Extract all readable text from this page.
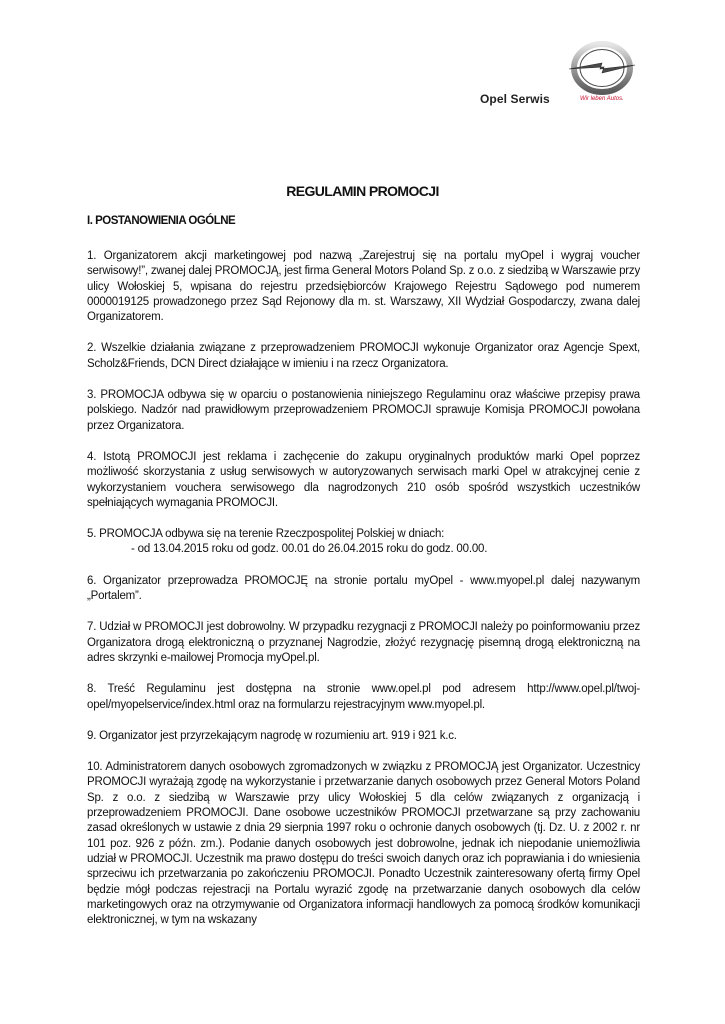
Opel Serwis	Wir leben Autos.
REGULAMIN PROMOCJI
I. POSTANOWIENIA OGÓLNE

1. Organizatorem akcji marketingowej pod nazwą „Zarejestruj się na portalu myOpel i wygraj voucher serwisowy!”, zwanej dalej PROMOCJĄ, jest firma General Motors Poland Sp. z o.o. z siedzibą w Warszawie przy ulicy Wołoskiej 5, wpisana do rejestru przedsiębiorców Krajowego Rejestru Sądowego pod numerem 0000019125 prowadzonego przez Sąd Rejonowy dla m. st. Warszawy, XII Wydział Gospodarczy, zwana dalej Organizatorem.

2. Wszelkie działania związane z przeprowadzeniem PROMOCJI wykonuje Organizator oraz Agencje Spext, Scholz&Friends, DCN Direct działające w imieniu i na rzecz Organizatora.

3. PROMOCJA odbywa się w oparciu o postanowienia niniejszego Regulaminu oraz właściwe przepisy prawa polskiego. Nadzór nad prawidłowym przeprowadzeniem PROMOCJI sprawuje Komisja PROMOCJI powołana przez Organizatora.

4. Istotą PROMOCJI jest reklama i zachęcenie do zakupu oryginalnych produktów marki Opel poprzez możliwość skorzystania z usług serwisowych w autoryzowanych serwisach marki Opel w atrakcyjnej cenie z wykorzystaniem vouchera serwisowego dla nagrodzonych 210 osób spośród wszystkich uczestników spełniających wymagania PROMOCJI.

5. PROMOCJA odbywa się na terenie Rzeczpospolitej Polskiej w dniach:
- od 13.04.2015 roku od godz. 00.01 do 26.04.2015 roku do godz. 00.00.

6. Organizator przeprowadza PROMOCJĘ na stronie portalu myOpel - www.myopel.pl dalej nazywanym „Portalem”.

7. Udział w PROMOCJI jest dobrowolny. W przypadku rezygnacji z PROMOCJI należy po poinformowaniu przez Organizatora drogą elektroniczną o przyznanej Nagrodzie, złożyć rezygnację pisemną drogą elektroniczną na adres skrzynki e-mailowej Promocja myOpel.pl.

8. Treść Regulaminu jest dostępna na stronie www.opel.pl pod adresem http://www.opel.pl/twoj-opel/myopelservice/index.html oraz na formularzu rejestracyjnym www.myopel.pl.

9. Organizator jest przyrzekającym nagrodę w rozumieniu art. 919 i 921 k.c.

10. Administratorem danych osobowych zgromadzonych w związku z PROMOCJĄ jest Organizator. Uczestnicy PROMOCJI wyrażają zgodę na wykorzystanie i przetwarzanie danych osobowych przez General Motors Poland Sp. z o.o. z siedzibą w Warszawie przy ulicy Wołoskiej 5 dla celów związanych z organizacją i przeprowadzeniem PROMOCJI. Dane osobowe uczestników PROMOCJI przetwarzane są przy zachowaniu zasad określonych w ustawie z dnia 29 sierpnia 1997 roku o ochronie danych osobowych (tj. Dz. U. z 2002 r. nr 101 poz. 926 z późn. zm.). Podanie danych osobowych jest dobrowolne, jednak ich niepodanie uniemożliwia udział w PROMOCJI. Uczestnik ma prawo dostępu do treści swoich danych oraz ich poprawiania i do wniesienia sprzeciwu ich przetwarzania po zakończeniu PROMOCJI. Ponadto Uczestnik zainteresowany ofertą firmy Opel będzie mógł podczas rejestracji na Portalu wyrazić zgodę na przetwarzanie danych osobowych dla celów marketingowych oraz na otrzymywanie od Organizatora informacji handlowych za pomocą środków komunikacji elektronicznej, w tym na wskazany
